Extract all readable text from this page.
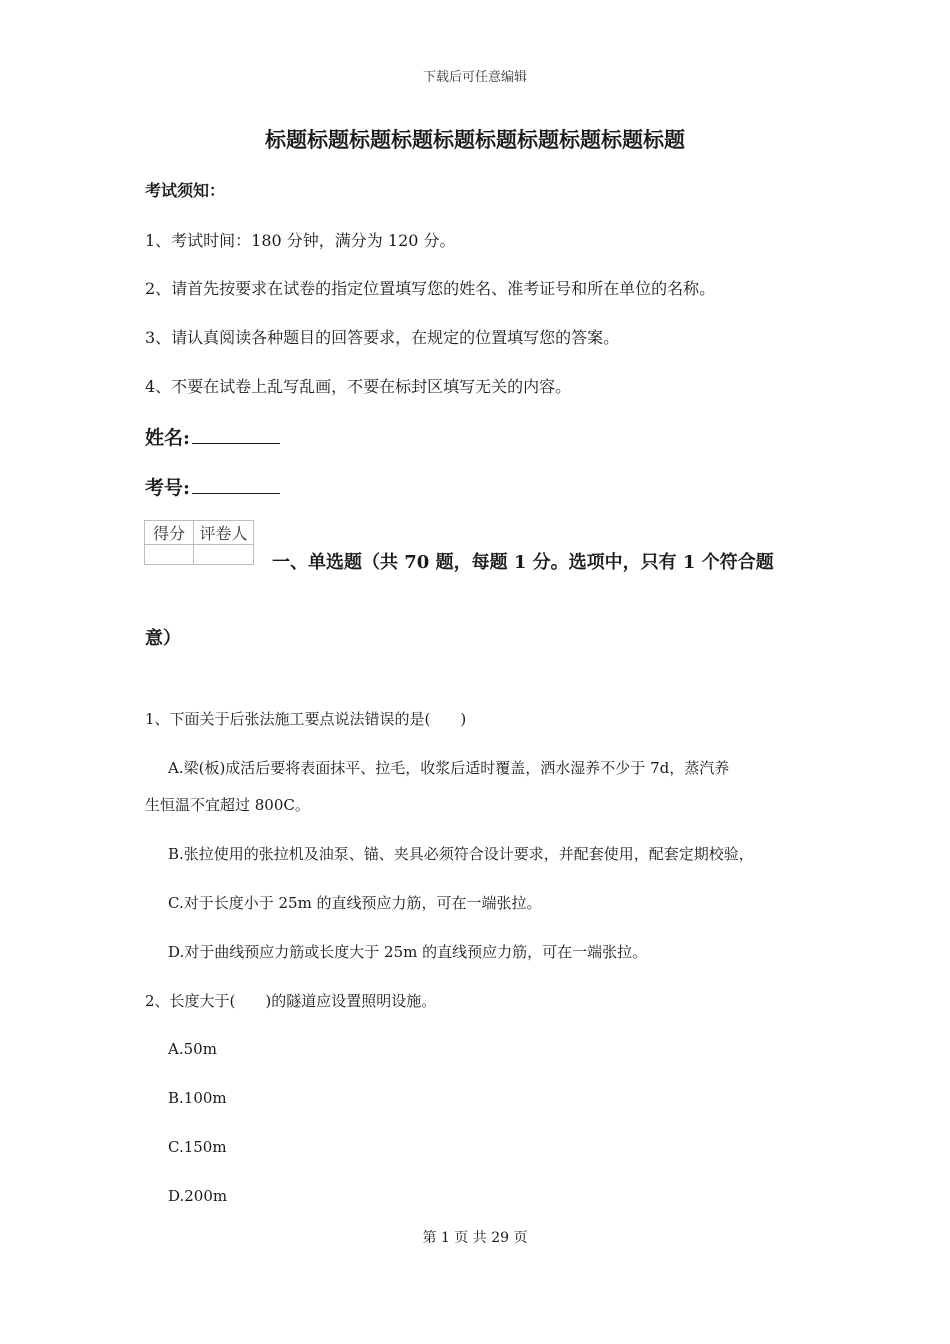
下载后可任意编辑
标题标题标题标题标题标题标题标题标题标题
考试须知：
1、考试时间：180 分钟，满分为 120 分。
2、请首先按要求在试卷的指定位置填写您的姓名、准考证号和所在单位的名称。
3、请认真阅读各种题目的回答要求，在规定的位置填写您的答案。
4、不要在试卷上乱写乱画，不要在标封区填写无关的内容。
姓名:
考号:
得分	评卷人

一、单选题（共 70 题，每题 1 分。选项中，只有 1 个符合题
意）
1、下面关于后张法施工要点说法错误的是(　　)
A.梁(板)成活后要将表面抹平、拉毛，收浆后适时覆盖，洒水湿养不少于 7d，蒸汽养
生恒温不宜超过 800C。
B.张拉使用的张拉机及油泵、锚、夹具必须符合设计要求，并配套使用，配套定期校验，
C.对于长度小于 25m 的直线预应力筋，可在一端张拉。
D.对于曲线预应力筋或长度大于 25m 的直线预应力筋，可在一端张拉。
2、长度大于(　　)的隧道应设置照明设施。
A.50m
B.100m
C.150m
D.200m
第 1 页 共 29 页
